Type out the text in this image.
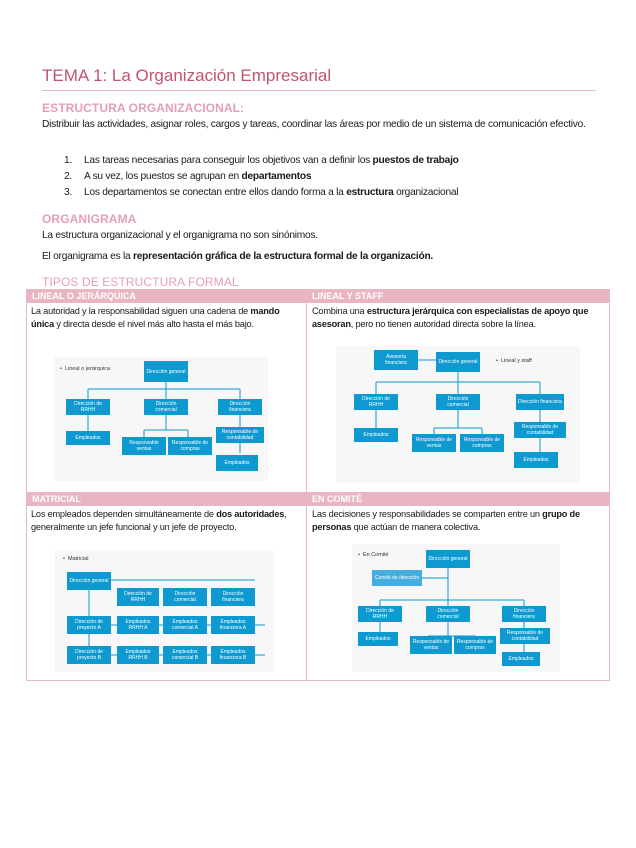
TEMA 1: La Organización Empresarial
ESTRUCTURA ORGANIZACIONAL:
Distribuir las actividades, asignar roles, cargos y tareas, coordinar las áreas por medio de un sistema de comunicación efectivo.
1. Las tareas necesarias para conseguir los objetivos van a definir los puestos de trabajo
2. A su vez, los puestos se agrupan en departamentos
3. Los departamentos se conectan entre ellos dando forma a la estructura organizacional
ORGANIGRAMA
La estructura organizacional y el organigrama no son sinónimos.
El organigrama es la representación gráfica de la estructura formal de la organización.
TIPOS DE ESTRUCTURA FORMAL
LINEAL O JERÁRQUICA
La autoridad y la responsabilidad siguen una cadena de mando única y directa desde el nivel más alto hasta el más bajo.
• Lineal o jerárquica	Dirección general
Dirección de RRHH
Dirección comercial
Dirección financiera
Empleados
Responsable ventas
Responsable de compras
Responsable de contabilidad
Empleados
LINEAL Y STAFF
Combina una estructura jerárquica con especialistas de apoyo que asesoran, pero no tienen autoridad directa sobre la línea.
Asesoría financiera	Dirección general
•	Lineal y staff
Dirección de RRHH
Dirección comercial	Dirección financiera
Empleados
Responsable de ventas
Responsable de compras
Responsable de contabilidad
Empleados
MATRICIAL
Los empleados dependen simultáneamente de dos autoridades, generalmente un jefe funcional y un jefe de proyecto.
• Matricial
Dirección general
Dirección de RRHH
Dirección comercial
Dirección financiera
Dirección de proyecto A
Empleados RRHH A
Empleados comercial A
Empleados financiera A
Dirección de proyecto B
Empleados RRHH B
Empleados comercial B
Empleados financiera B
EN COMITÉ
Las decisiones y responsabilidades se comparten entre un grupo de personas que actúan de manera colectiva.
• En Comité
Dirección general
Comité de dirección
Dirección de RRHH
Dirección comercial
Dirección financiera
Empleados	Responsable de ventas
Responsable de compras
Responsable de contabilidad
Empleados
